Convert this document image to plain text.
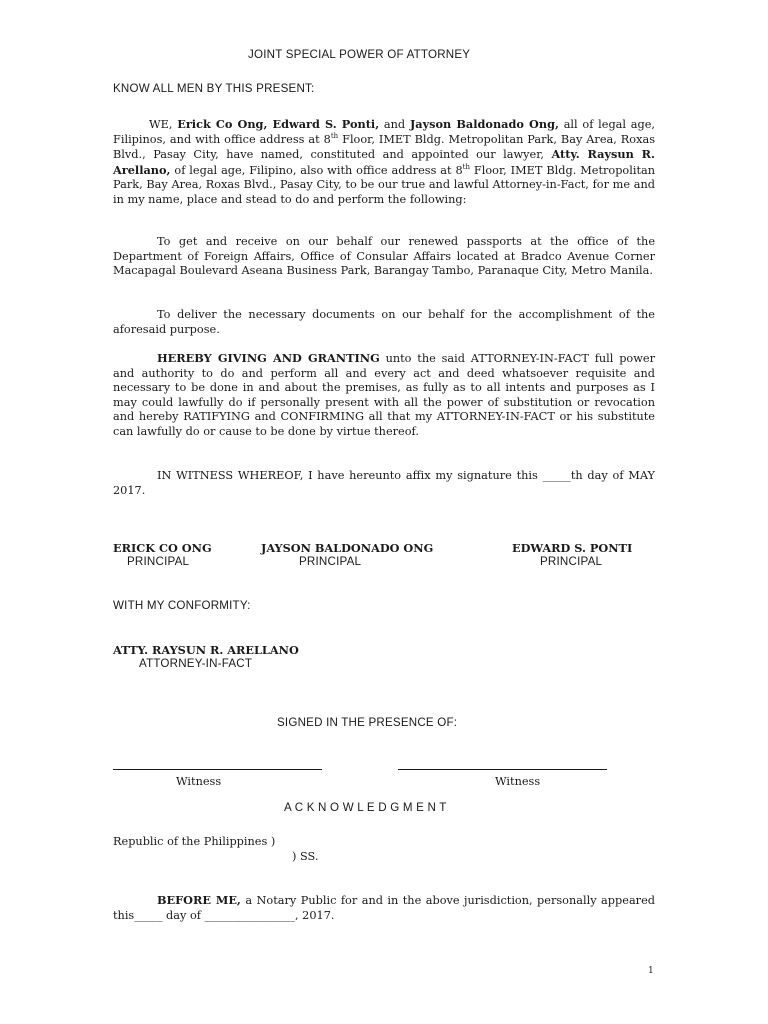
JOINT SPECIAL POWER OF ATTORNEY

KNOW ALL MEN BY THIS PRESENT:

WE, Erick Co Ong, Edward S. Ponti, and Jayson Baldonado Ong, all of legal age, Filipinos, and with office address at 8th Floor, IMET Bldg. Metropolitan Park, Bay Area, Roxas Blvd., Pasay City, have named, constituted and appointed our lawyer, Atty. Raysun R. Arellano, of legal age, Filipino, also with office address at 8th Floor, IMET Bldg. Metropolitan Park, Bay Area, Roxas Blvd., Pasay City, to be our true and lawful Attorney-in-Fact, for me and in my name, place and stead to do and perform the following:

To get and receive on our behalf our renewed passports at the office of the Department of Foreign Affairs, Office of Consular Affairs located at Bradco Avenue Corner Macapagal Boulevard Aseana Business Park, Barangay Tambo, Paranaque City, Metro Manila.

To deliver the necessary documents on our behalf for the accomplishment of the aforesaid purpose.

HEREBY GIVING AND GRANTING unto the said ATTORNEY-IN-FACT full power and authority to do and perform all and every act and deed whatsoever requisite and necessary to be done in and about the premises, as fully as to all intents and purposes as I may could lawfully do if personally present with all the power of substitution or revocation and hereby RATIFYING and CONFIRMING all that my ATTORNEY-IN-FACT or his substitute can lawfully do or cause to be done by virtue thereof.

IN WITNESS WHEREOF, I have hereunto affix my signature this _____th day of MAY 2017.

ERICK CO ONG

PRINCIPAL

JAYSON BALDONADO ONG

PRINCIPAL

EDWARD S. PONTI

PRINCIPAL

WITH MY CONFORMITY:

ATTY. RAYSUN R. ARELLANO

ATTORNEY-IN-FACT

SIGNED IN THE PRESENCE OF:

Witness	Witness

A C K N O W L E D G M E N T

Republic of the Philippines )

) SS.

BEFORE ME, a Notary Public for and in the above jurisdiction, personally appeared this_____ day of ________________, 2017.

1
